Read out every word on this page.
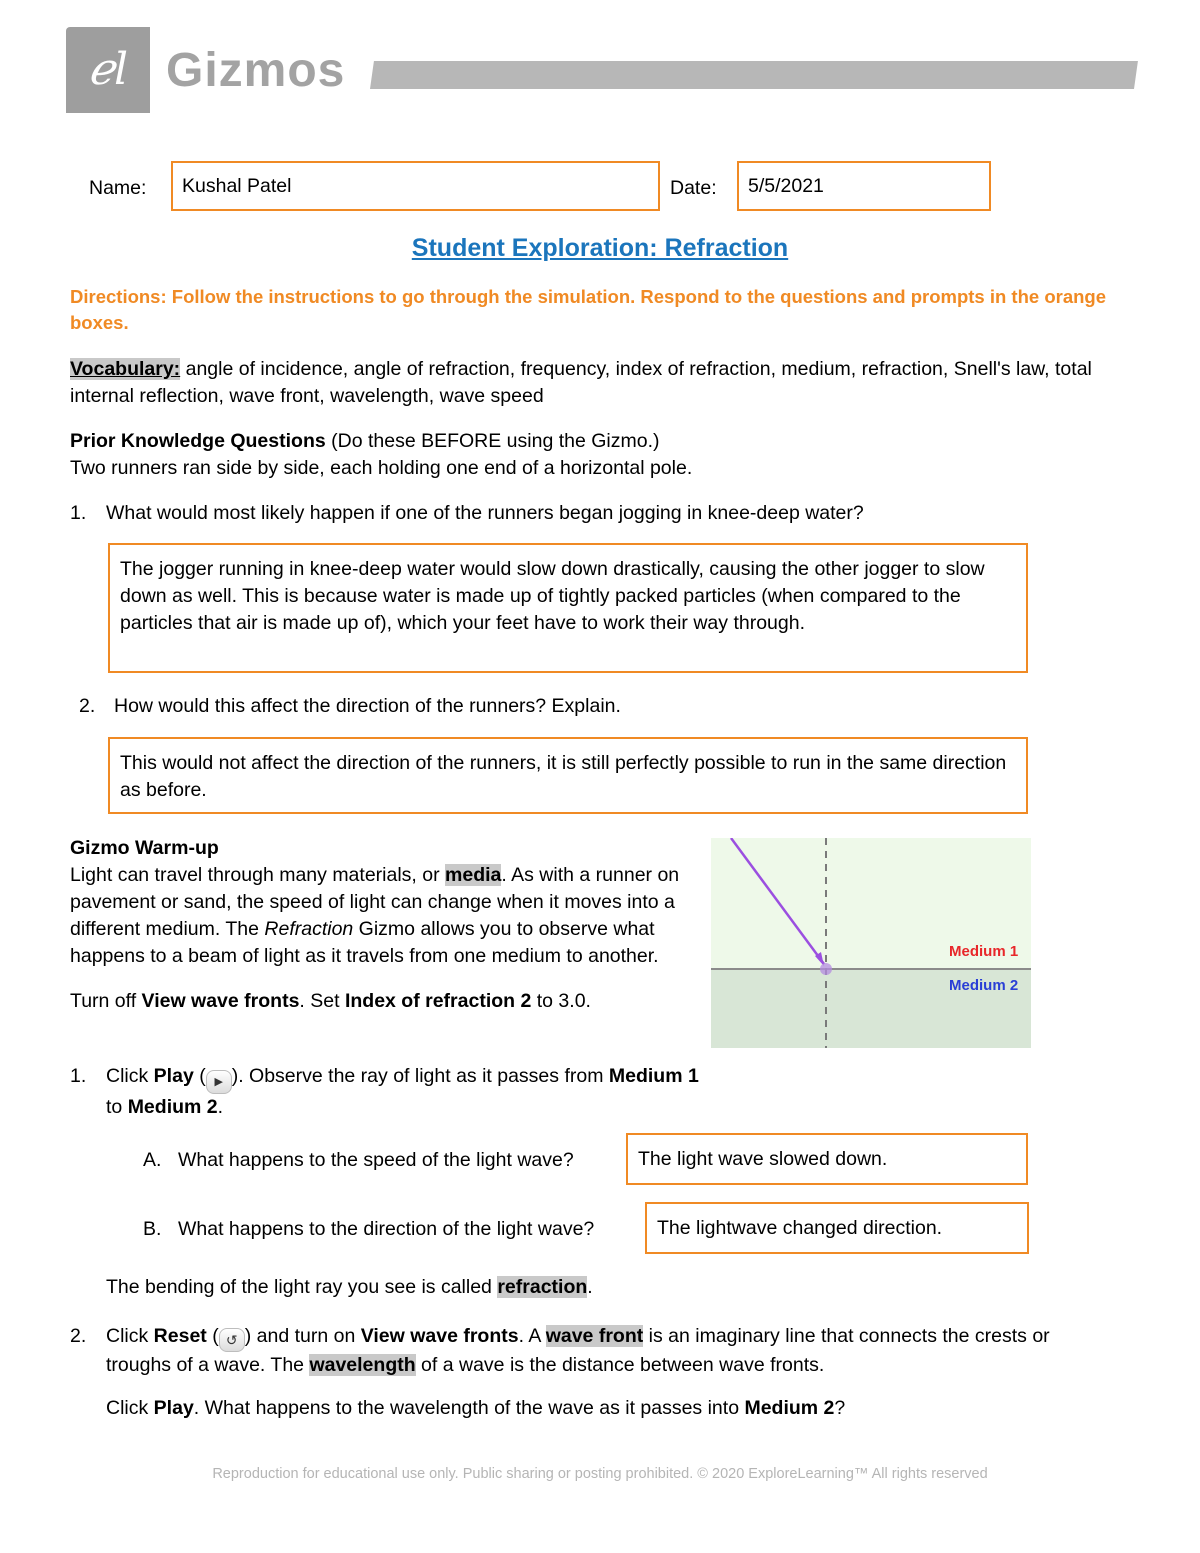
ℯl Gizmos
Name:	Kushal Patel	Date:	5/5/2021
Student Exploration: Refraction
Directions: Follow the instructions to go through the simulation. Respond to the questions and prompts in the orange boxes.
Vocabulary: angle of incidence, angle of refraction, frequency, index of refraction, medium, refraction, Snell's law, total internal reflection, wave front, wavelength, wave speed

Prior Knowledge Questions (Do these BEFORE using the Gizmo.)

Two runners ran side by side, each holding one end of a horizontal pole.

1. What would most likely happen if one of the runners began jogging in knee-deep water?
The jogger running in knee-deep water would slow down drastically, causing the other jogger to slow down as well. This is because water is made up of tightly packed particles (when compared to the particles that air is made up of), which your feet have to work their way through.
2. How would this affect the direction of the runners? Explain.
This would not affect the direction of the runners, it is still perfectly possible to run in the same direction as before.

Gizmo Warm-up

Light can travel through many materials, or media. As with a runner on pavement or sand, the speed of light can change when it moves into a different medium. The Refraction Gizmo allows you to observe what happens to a beam of light as it travels from one medium to another.

Turn off View wave fronts. Set Index of refraction 2 to 3.0.

Medium 1
Medium 2
1. Click Play ( ▶ ). Observe the ray of light as it passes from Medium 1 to Medium 2.
A. What happens to the speed of the light wave?	The light wave slowed down.
B. What happens to the direction of the light wave?	The lightwave changed direction.
The bending of the light ray you see is called refraction.
2. Click Reset ( ↺ ) and turn on View wave fronts. A wave front is an imaginary line that connects the crests or troughs of a wave. The wavelength of a wave is the distance between wave fronts.
Click Play. What happens to the wavelength of the wave as it passes into Medium 2?
Reproduction for educational use only. Public sharing or posting prohibited. © 2020 ExploreLearning™ All rights reserved
